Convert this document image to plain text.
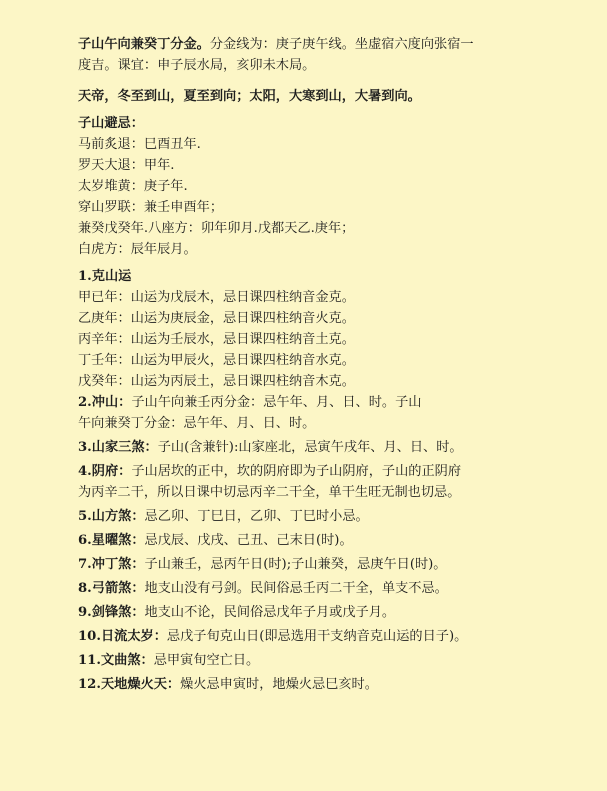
子山午向兼癸丁分金。分金线为：庚子庚午线。坐虚宿六度向张宿一
度吉。课宜：申子辰水局，亥卯未木局。
天帝，冬至到山，夏至到向；太阳，大寒到山，大暑到向。
子山避忌：
马前炙退：巳酉丑年.
罗天大退：甲年.
太岁堆黄：庚子年.
穿山罗联：兼壬申酉年；
兼癸戊癸年.八座方：卯年卯月.戊都天乙.庚年；
白虎方：辰年辰月。
1.克山运
甲已年：山运为戊辰木，忌日课四柱纳音金克。
乙庚年：山运为庚辰金，忌日课四柱纳音火克。
丙辛年：山运为壬辰水，忌日课四柱纳音土克。
丁壬年：山运为甲辰火，忌日课四柱纳音水克。
戊癸年：山运为丙辰土，忌日课四柱纳音木克。
2.冲山：子山午向兼壬丙分金：忌午年、月、日、时。子山
午向兼癸丁分金：忌午年、月、日、时。
3.山家三煞：子山(含兼针):山家座北，忌寅午戌年、月、日、时。
4.阴府：子山居坎的正中，坎的阴府即为子山阴府，子山的正阴府
为丙辛二干，所以日课中切忌丙辛二干全，单干生旺无制也切忌。
5.山方煞：忌乙卯、丁巳日，乙卯、丁巳时小忌。
6.星曜煞：忌戊辰、戊戌、己丑、己末日(时)。
7.冲丁煞：子山兼壬，忌丙午日(时);子山兼癸，忌庚午日(时)。
8.弓箭煞：地支山没有弓剑。民间俗忌壬丙二干全，单支不忌。
9.剑锋煞：地支山不论，民间俗忌戊年子月或戊子月。
10.日流太岁：忌戊子旬克山日(即忌选用干支纳音克山运的日子)。
11.文曲煞：忌甲寅旬空亡日。
12.天地燥火天：燥火忌申寅时，地燥火忌巳亥时。
